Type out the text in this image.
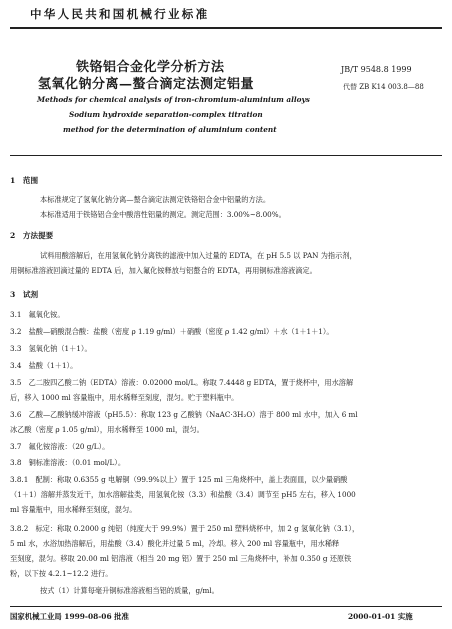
中华人民共和国机械行业标准
铁铬铝合金化学分析方法
氢氧化钠分离—螯合滴定法测定铝量
JB/T 9548.8 1999
代替 ZB K14 003.8—88
Methods for chemical analysis of iron-chromium-aluminium alloys
Sodium hydroxide separation-complex titration
method for the determination of aluminium content
1　范围
本标准规定了氢氧化钠分离—螯合滴定法测定铁铬铝合金中铝量的方法。
本标准适用于铁铬铝合金中酸溶性铝量的测定。测定范围：3.00%~8.00%。
2　方法提要
试料用酸溶解后，在用氢氧化钠分离铁的滤液中加入过量的 EDTA，在 pH 5.5 以 PAN 为指示剂，
用铜标准溶液回滴过量的 EDTA 后，加入氟化铵释放与铝螯合的 EDTA，再用铜标准溶液滴定。
3　试剂
3.1　氟氧化铵。
3.2　盐酸—硝酸混合酸：盐酸（密度 ρ 1.19 g/ml）＋硝酸（密度 ρ 1.42 g/ml）＋水（1＋1＋1）。
3.3　氢氧化钠（1＋1）。
3.4　盐酸（1＋1）。
3.5　乙二胺四乙酸二钠（EDTA）溶液：0.02000 mol/L。称取 7.4448 g EDTA，置于烧杯中，用水溶解
后，移入 1000 ml 容量瓶中，用水稀释至刻度，混匀。贮于塑料瓶中。
3.6　乙酸—乙酸钠缓冲溶液（pH5.5）：称取 123 g 乙酸钠（NaAC·3H₂O）溶于 800 ml 水中，加入 6 ml
冰乙酸（密度 ρ 1.05 g/ml），用水稀释至 1000 ml，混匀。
3.7　氟化铵溶液：（20 g/L）。
3.8　铜标准溶液：（0.01 mol/L）。
3.8.1　配制：称取 0.6355 g 电解铜（99.9%以上）置于 125 ml 三角烧杯中，盖上表面皿，以少量硝酸
（1＋1）溶解并蒸发近干，加水溶解盐类，用氢氧化铵（3.3）和盐酸（3.4）调节至 pH5 左右，移入 1000
ml 容量瓶中，用水稀释至刻度，混匀。
3.8.2　标定：称取 0.2000 g 纯铝（纯度大于 99.9%）置于 250 ml 塑料烧杯中，加 2 g 氢氧化钠（3.1），
5 ml 水，水浴加热溶解后，用盐酸（3.4）酸化并过量 5 ml，冷却。移入 200 ml 容量瓶中，用水稀释
至刻度，混匀。移取 20.00 ml 铝溶液（相当 20 mg 铝）置于 250 ml 三角烧杯中，补加 0.350 g 还原铁
粉，以下按 4.2.1~12.2 进行。
按式（1）计算每毫升铜标准溶液相当铝的质量，g/ml。
国家机械工业局 1999-08-06 批准	2000-01-01 实施
